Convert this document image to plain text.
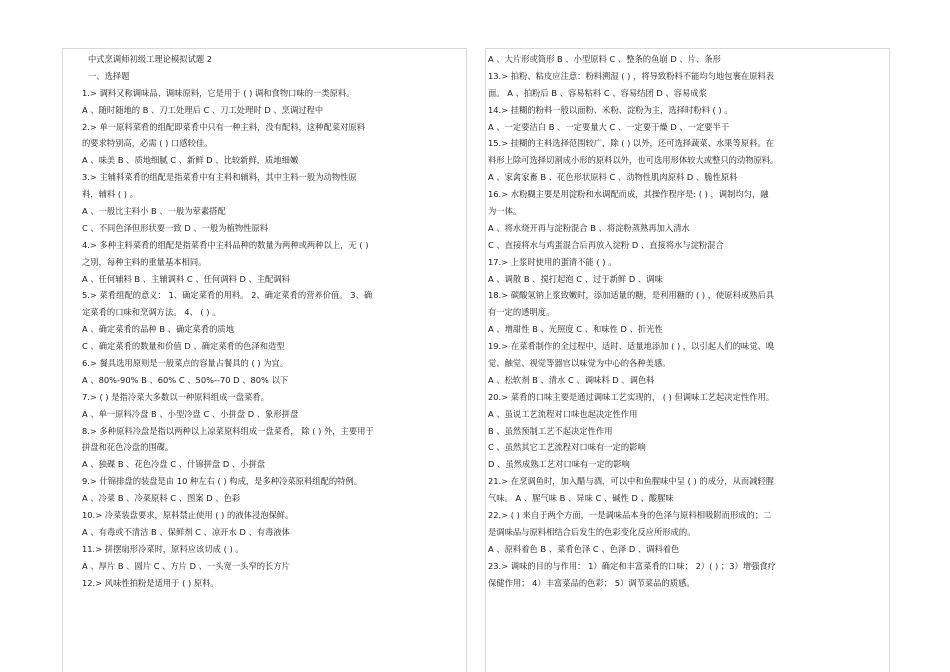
中式烹调师初级工理论模拟试题 2
一、选择题
1.> 调料又称调味品、调味原料，它是用于 ( ) 调和食物口味的一类原料。
A 、随时随地的 B 、刀工处理后 C 、刀工处理时 D 、烹调过程中
2.> 单一原料菜肴的组配即菜肴中只有一种主料，没有配料，这种配菜对原料
的要求特别高，必需 ( ) 口感较佳。
A 、味美 B 、质地细腻 C 、新鲜 D 、比较新鲜，质地细嫩
3.> 主辅料菜肴的组配是指菜肴中有主料和辅料，其中主料一般为动物性原
料，辅料 ( ) 。
A 、一般比主料小 B 、一般为荤素搭配
C 、不同色泽但形状要一致 D 、一般为植物性原料
4.> 多种主料菜肴的组配是指菜肴中主料品种的数量为两种或两种以上，无 ( )
之別，每种主料的重量基本相同。
A 、任何辅料 B 、主辅调料 C 、任何调料 D 、主配调料
5.> 菜肴组配的意义： 1、确定菜肴的用料。 2、确定菜肴的营养价值。 3、确
定菜肴的口味和烹调方法。 4、 ( ) 。
A 、确定菜肴的品种 B 、确定菜肴的质地
C 、确定菜肴的数量和价值 D 、确定菜肴的色泽和造型
6.> 餐具选用原则是一般菜点的容量占餐具的 ( ) 为宜。
A 、80%-90% B 、60% C 、50%--70 D 、80% 以下
7.> ( ) 是指冷菜大多数以一种原料组成一盘菜肴。
A 、单一原料冷盘 B 、小型冷盘 C 、小拼盘 D 、象形拼盘
8.> 多种原料冷盘是指以两种以上凉菜原料组成一盘菜肴， 除 ( ) 外，主要用于
拼盘和花色冷盘的围碟。
A 、独碟 B 、花色冷盘 C 、什锦拼盘 D 、小拼盘
9.> 什锦排盘的装盘是由 10 种左右 ( ) 构成，是多种冷菜原料组配的特例。
A 、冷菜 B 、冷菜原料 C 、图案 D 、色彩
10.> 冷菜装盘要求，原料禁止使用 ( ) 的液体浸泡保鲜。
A 、有毒或不清洁 B 、保鲜剂 C 、凉开水 D 、有毒液体
11.> 拼摆扇形冷菜时，原料应该切成 ( ) 。
A 、厚片 B 、圆片 C 、方片 D 、一头宽一头窄的长方片
12.> 风味性拍粉是适用于 ( ) 原料。
A 、大片形或筒形 B 、小型原料 C 、整条的鱼崩 D 、片、条形
13.> 拍粉、粘皮应注意：粉料溯湿 ( ) ，将导致粉料不能均匀地包裹在原料表
面。 A 、拍粉后 B 、容易粘料 C 、容易结团 D 、容易成浆
14.> 挂糊的粉料一般以面粉、米粉、淀粉为主，选择时粉料 ( ) 。
A 、一定要洁白 B 、一定要量大 C 、一定要干燥 D 、一定要半干
15.> 挂糊的主料选择范围较广，除 ( ) 以外，还可选择蔬菜、水果等原料。在
料形上除可选择切割成小形的原料以外，也可选用形体较大或整只的动物原料。
A 、家禽家畜 B 、花色形状原料 C 、动物性肌肉原料 D 、脆性原料
16.> 水粉糊主要是用淀粉和水调配而成，其操作程序是: ( ) ，调制均匀，融
为一体。
A 、将水烧开再与淀粉混合 B 、将淀粉蒸熟再加入清水
C 、直接将水与鸡蛋混合后再放入淀粉 D 、直接将水与淀粉混合
17.> 上浆时使用的蛋清不能 ( ) 。
A 、调散 B 、搅打起泡 C 、过于新鲜 D 、调味
18.> 碳酸氢钠上浆致嫩时，添加适量的糖，是利用糖的 ( ) ，使原料成熟后具
有一定的透明度。
A 、增甜性 B 、光照度 C 、和味性 D 、折光性
19.> 在菜肴制作的全过程中，适时、适量地添加 ( ) ，以引起人们的味觉、嗅
觉、触觉、视觉等器官以味觉为中心的各种美感。
A 、松软剂 B 、清水 C 、调味料 D 、调色料
20.> 菜肴的口味主要是通过调味工艺实现的， ( ) 但调味工艺起决定性作用。
A 、虽说工艺流程对口味也起决定性作用
B 、虽然预制工艺不起决定性作用
C 、虽然其它工艺流程对口味有一定的影响
D 、虽然成熟工艺对口味有一定的影响
21.> 在烹调鱼时，加入醋与酒，可以中和鱼腥味中呈 ( ) 的成分，从而减轻腥
气味。 A 、腥气味 B 、异味 C 、碱性 D 、酸腥味
22.> ( ) 来自于两个方面，一是调味品本身的色泽与原料相吸附而形成的；二
是调味品与原料相结合后发生的色彩变化反应所形成的。
A 、原料着色 B 、菜肴色泽 C 、色泽 D 、调料着色
23.> 调味的目的与作用： 1）确定和丰富菜肴的口味； 2）( ) ；3）增强食疗
保健作用； 4）丰富菜品的色彩； 5）调节菜品的质感。
